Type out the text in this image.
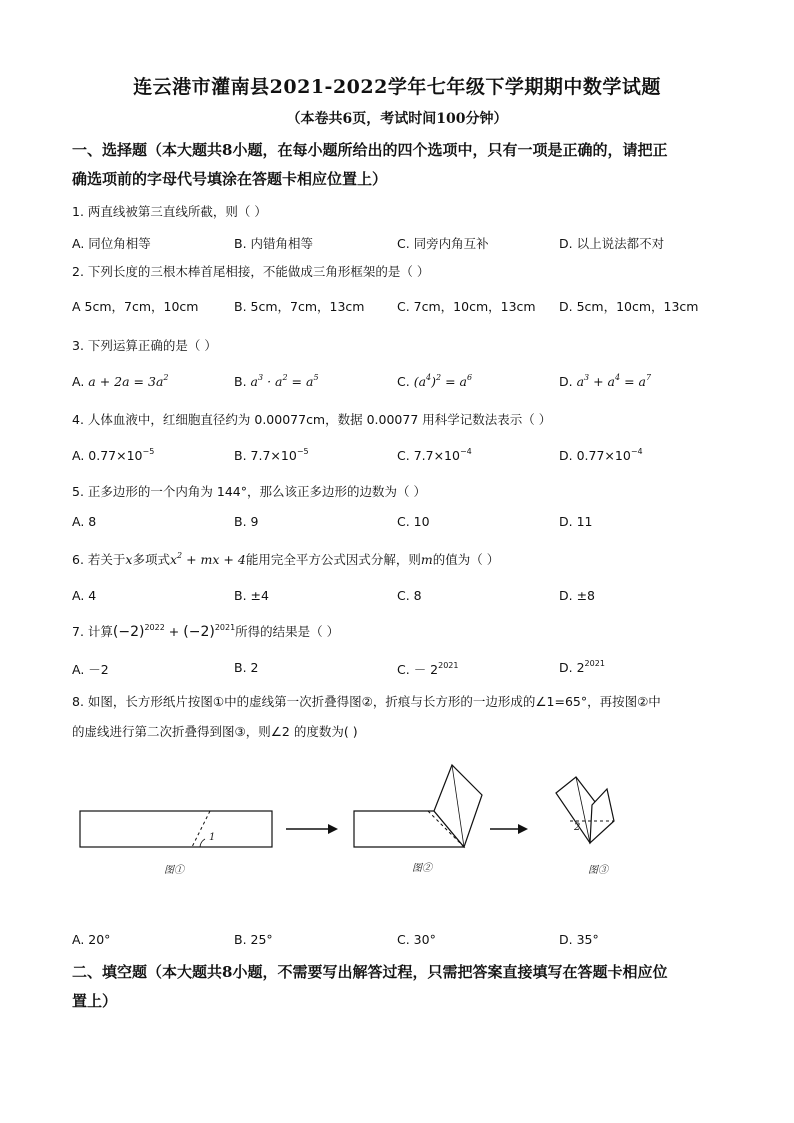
连云港市灌南县2021-2022学年七年级下学期期中数学试题
（本卷共6页，考试时间100分钟）
一、选择题（本大题共8小题，在每小题所给出的四个选项中，只有一项是正确的，请把正
确选项前的字母代号填涂在答题卡相应位置上）
1. 两直线被第三直线所截，则（ ）
A. 同位角相等	B. 内错角相等	C. 同旁内角互补	D. 以上说法都不对
2. 下列长度的三根木棒首尾相接，不能做成三角形框架的是（ ）
A 5cm，7cm，10cm	B. 5cm，7cm，13cm	C. 7cm，10cm，13cm D. 5cm，10cm，13cm
3. 下列运算正确的是（ ）
A. $a + 2a = 3a^2$	B. $a^3 \cdot a^2 = a^5$	C. $(a^4)^2 = a^6$	D. $a^3 + a^4 = a^7$
4. 人体血液中，红细胞直径约为 0.00077cm，数据 0.00077 用科学记数法表示（ ）
A. $0.77\times 10^{-5}$	B. $7.7\times 10^{-5}$	C. $7.7\times 10^{-4}$	D. $0.77\times 10^{-4}$
5. 正多边形的一个内角为 144°，那么该正多边形的边数为（ ）
A. 8	B. 9	C. 10	D. 11
6. 若关于x多项式$x^2$ + mx + 4能用完全平方公式因式分解，则m的值为（ ）
A. 4	B. ±4	C. 8	D. ±8
7. 计算$(-2)^{2022} + (-2)^{2021}$所得的结果是（ ）
A. －2	B. 2	C. － $2^{2021}$	D. $2^{2021}$
8. 如图，长方形纸片按图①中的虚线第一次折叠得图②，折痕与长方形的一边形成的∠1=65°，再按图②中
的虚线进行第二次折叠得到图③，则∠2 的度数为( )
1
图①	图②
2
图③
A. 20°	B. 25°	C. 30°	D. 35°
二、填空题（本大题共8小题，不需要写出解答过程，只需把答案直接填写在答题卡相应位
置上）
